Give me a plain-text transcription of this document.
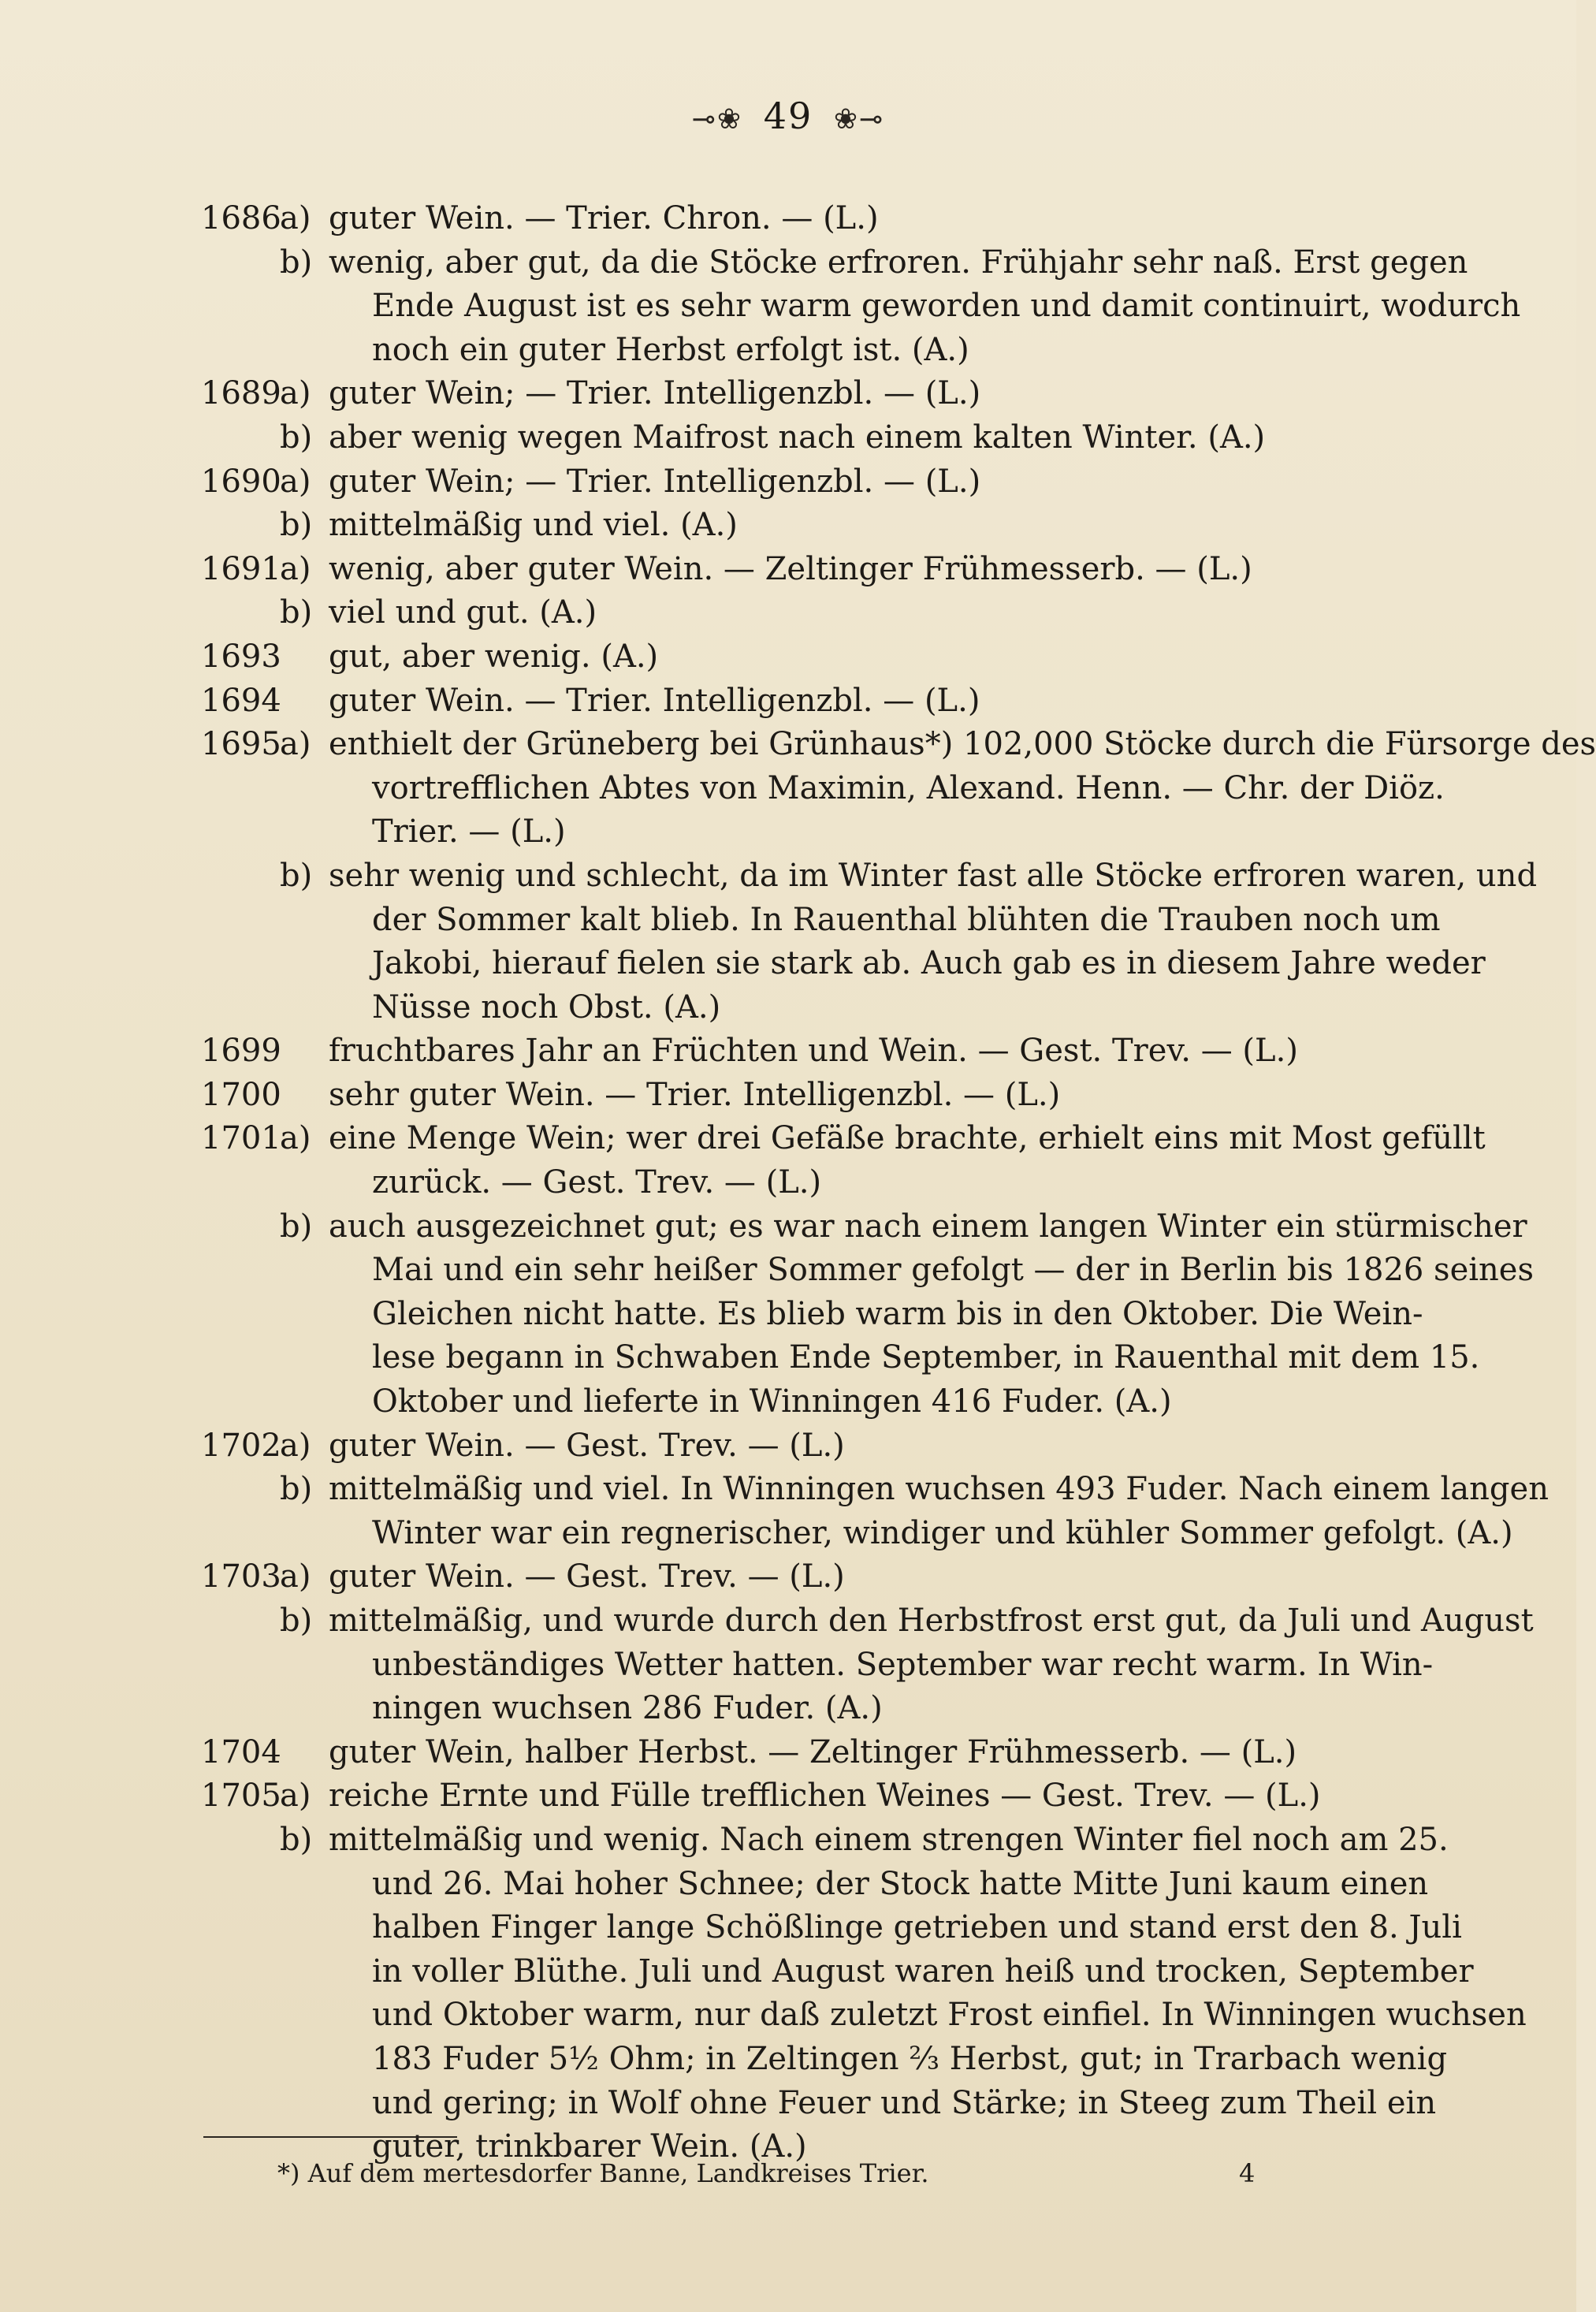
⊸❀ 49 ❀⊸
1686
a) guter Wein. — Trier. Chron. — (L.)
b) wenig, aber gut, da die Stöcke erfroren. Frühjahr sehr naß. Erst gegen
Ende August ist es sehr warm geworden und damit continuirt, wodurch
noch ein guter Herbst erfolgt ist. (A.)
1689
a) guter Wein; — Trier. Intelligenzbl. — (L.)
b) aber wenig wegen Maifrost nach einem kalten Winter. (A.)
1690
a) guter Wein; — Trier. Intelligenzbl. — (L.)
b) mittelmäßig und viel. (A.)
1691
a) wenig, aber guter Wein. — Zeltinger Frühmesserb. — (L.)
b) viel und gut. (A.)
1693 gut, aber wenig. (A.)
1694 guter Wein. — Trier. Intelligenzbl. — (L.)
1695
a) enthielt der Grüneberg bei Grünhaus*) 102,000 Stöcke durch die Fürsorge des
vortrefflichen Abtes von Maximin, Alexand. Henn. — Chr. der Diöz.
Trier. — (L.)
b) sehr wenig und schlecht, da im Winter fast alle Stöcke erfroren waren, und
der Sommer kalt blieb. In Rauenthal blühten die Trauben noch um
Jakobi, hierauf fielen sie stark ab. Auch gab es in diesem Jahre weder
Nüsse noch Obst. (A.)
1699 fruchtbares Jahr an Früchten und Wein. — Gest. Trev. — (L.)
1700 sehr guter Wein. — Trier. Intelligenzbl. — (L.)
1701
a) eine Menge Wein; wer drei Gefäße brachte, erhielt eins mit Most gefüllt
zurück. — Gest. Trev. — (L.)
b) auch ausgezeichnet gut; es war nach einem langen Winter ein stürmischer
Mai und ein sehr heißer Sommer gefolgt — der in Berlin bis 1826 seines
Gleichen nicht hatte. Es blieb warm bis in den Oktober. Die Wein-
lese begann in Schwaben Ende September, in Rauenthal mit dem 15.
Oktober und lieferte in Winningen 416 Fuder. (A.)
1702
a) guter Wein. — Gest. Trev. — (L.)
b) mittelmäßig und viel. In Winningen wuchsen 493 Fuder. Nach einem langen
Winter war ein regnerischer, windiger und kühler Sommer gefolgt. (A.)
1703
a) guter Wein. — Gest. Trev. — (L.)
b) mittelmäßig, und wurde durch den Herbstfrost erst gut, da Juli und August
unbeständiges Wetter hatten. September war recht warm. In Win-
ningen wuchsen 286 Fuder. (A.)
1704 guter Wein, halber Herbst. — Zeltinger Frühmesserb. — (L.)
1705
a) reiche Ernte und Fülle trefflichen Weines — Gest. Trev. — (L.)
b) mittelmäßig und wenig. Nach einem strengen Winter fiel noch am 25.
und 26. Mai hoher Schnee; der Stock hatte Mitte Juni kaum einen
halben Finger lange Schößlinge getrieben und stand erst den 8. Juli
in voller Blüthe. Juli und August waren heiß und trocken, September
und Oktober warm, nur daß zuletzt Frost einfiel. In Winningen wuchsen
183 Fuder 5½ Ohm; in Zeltingen ⅔ Herbst, gut; in Trarbach wenig
und gering; in Wolf ohne Feuer und Stärke; in Steeg zum Theil ein
guter, trinkbarer Wein. (A.)
*) Auf dem mertesdorfer Banne, Landkreises Trier.	4
